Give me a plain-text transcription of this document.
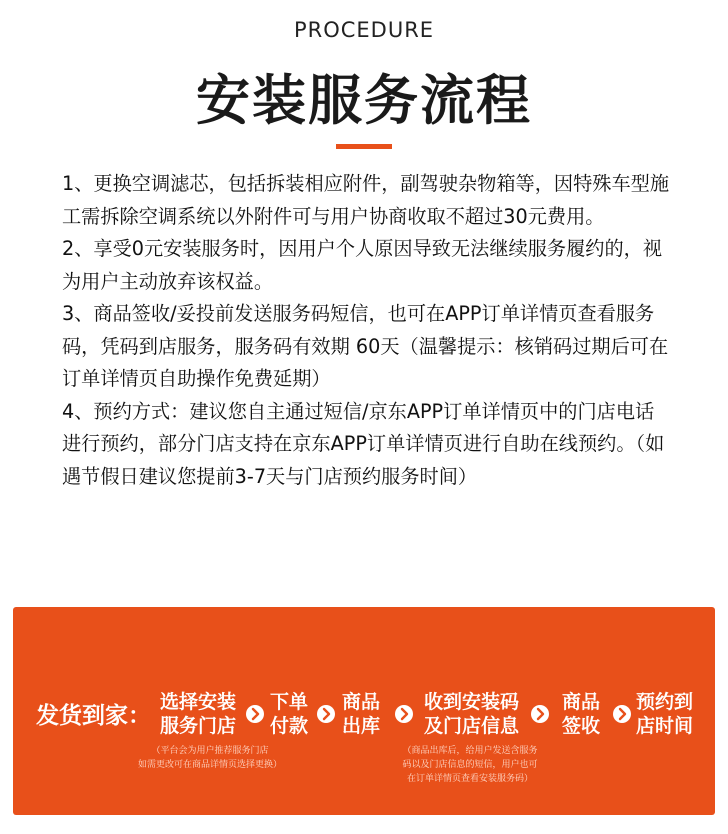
PROCEDURE
安装服务流程

1、更换空调滤芯，包括拆装相应附件，副驾驶杂物箱等，因特殊车型施工需拆除空调系统以外附件可与用户协商收取不超过30元费用。

2、享受0元安装服务时，因用户个人原因导致无法继续服务履约的，视为用户主动放弃该权益。

3、商品签收/妥投前发送服务码短信，也可在APP订单详情页查看服务码，凭码到店服务，服务码有效期 60天（温馨提示：核销码过期后可在订单详情页自助操作免费延期）

4、预约方式：建议您自主通过短信/京东APP订单详情页中的门店电话进行预约，部分门店支持在京东APP订单详情页进行自助在线预约。（如遇节假日建议您提前3-7天与门店预约服务时间）

发货到家：
选择安装
服务门店
下单
付款
商品
出库
收到安装码
及门店信息
商品
签收
预约到
店时间
（平台会为用户推荐服务门店
如需更改可在商品详情页选择更换）
（商品出库后，给用户发送含服务
码以及门店信息的短信，用户也可
在订单详情页查看安装服务码）
